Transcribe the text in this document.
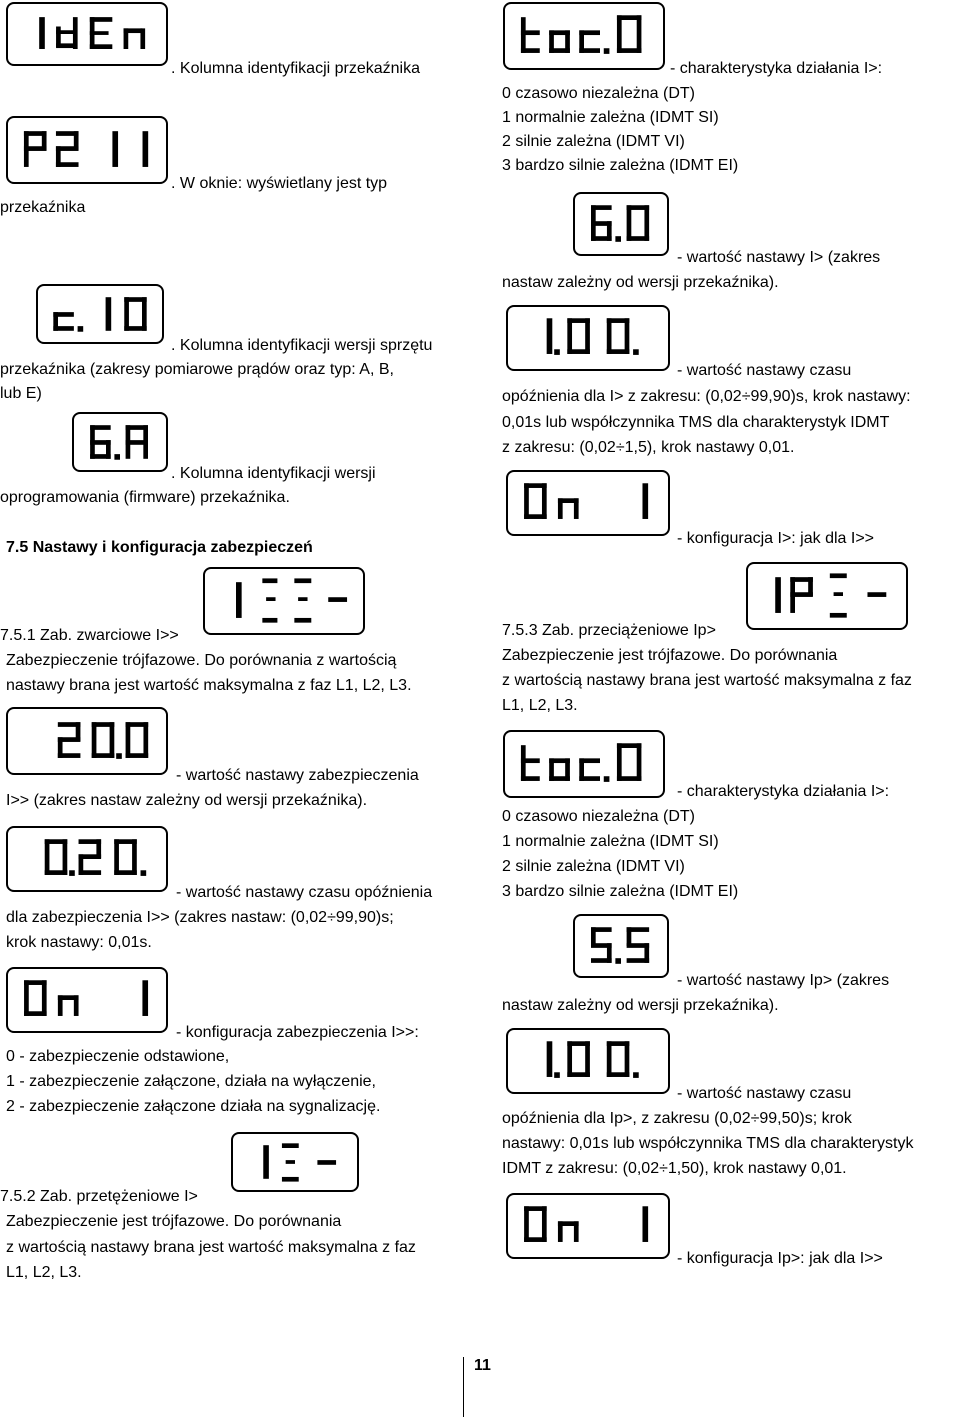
. Kolumna identyfikacji przekaźnika
. W oknie: wyświetlany jest typ
przekaźnika
. Kolumna identyfikacji wersji sprzętu
przekaźnika (zakresy pomiarowe prądów oraz typ: A, B,
lub E)
. Kolumna identyfikacji wersji
oprogramowania (firmware) przekaźnika.
7.5 Nastawy i konfiguracja zabezpieczeń
7.5.1 Zab. zwarciowe I>>
Zabezpieczenie trójfazowe. Do porównania z wartością
nastawy brana jest wartość maksymalna z faz L1, L2, L3.
- wartość nastawy zabezpieczenia
I>> (zakres nastaw zależny od wersji przekaźnika).
- wartość nastawy czasu opóźnienia
dla zabezpieczenia I>> (zakres nastaw: (0,02÷99,90)s;
krok nastawy: 0,01s.
- konfiguracja zabezpieczenia I>>:
0 - zabezpieczenie odstawione,
1 - zabezpieczenie załączone, działa na wyłączenie,
2 - zabezpieczenie załączone działa na sygnalizację.
7.5.2 Zab. przetężeniowe I>
Zabezpieczenie jest trójfazowe. Do porównania
z wartością nastawy brana jest wartość maksymalna z faz
L1, L2, L3.
- charakterystyka działania I>:
0 czasowo niezależna (DT)
1 normalnie zależna (IDMT SI)
2 silnie zależna (IDMT VI)
3 bardzo silnie zależna (IDMT EI)
- wartość nastawy I> (zakres
nastaw zależny od wersji przekaźnika).
- wartość nastawy czasu
opóźnienia dla I> z zakresu: (0,02÷99,90)s, krok nastawy:
0,01s lub współczynnika TMS dla charakterystyk IDMT
z zakresu: (0,02÷1,5), krok nastawy 0,01.
- konfiguracja I>: jak dla I>>
7.5.3 Zab. przeciążeniowe Ip>
Zabezpieczenie jest trójfazowe. Do porównania
z wartością nastawy brana jest wartość maksymalna z faz
L1, L2, L3.
- charakterystyka działania I>:
0 czasowo niezależna (DT)
1 normalnie zależna (IDMT SI)
2 silnie zależna (IDMT VI)
3 bardzo silnie zależna (IDMT EI)
- wartość nastawy Ip> (zakres
nastaw zależny od wersji przekaźnika).
- wartość nastawy czasu
opóźnienia dla Ip>, z zakresu (0,02÷99,50)s; krok
nastawy: 0,01s lub współczynnika TMS dla charakterystyk
IDMT z zakresu: (0,02÷1,50), krok nastawy 0,01.
- konfiguracja Ip>: jak dla I>>
11
